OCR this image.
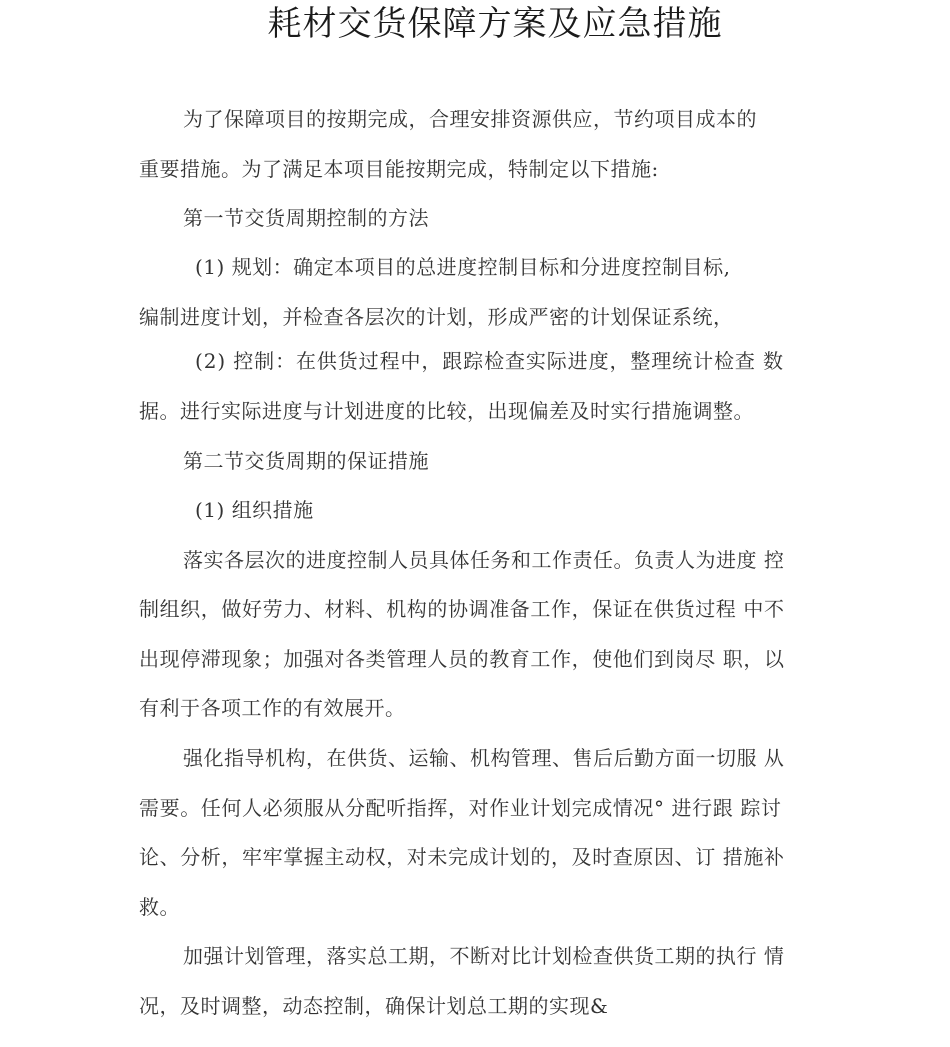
耗材交货保障方案及应急措施
为了保障项目的按期完成，合理安排资源供应，节约项目成本的
重要措施。为了满足本项目能按期完成，特制定以下措施:
第一节交货周期控制的方法
(1) 规划：确定本项目的总进度控制目标和分进度控制目标,
编制进度计划，并检查各层次的计划，形成严密的计划保证系统，
(2) 控制：在供货过程中，跟踪检查实际进度，整理统计检查 数
据。进行实际进度与计划进度的比较，出现偏差及时实行措施调整。
第二节交货周期的保证措施
(1) 组织措施
落实各层次的进度控制人员具体任务和工作责任。负责人为进度 控
制组织，做好劳力、材料、机构的协调准备工作，保证在供货过程 中不
出现停滞现象；加强对各类管理人员的教育工作，使他们到岗尽 职，以
有利于各项工作的有效展开。
强化指导机构，在供货、运输、机构管理、售后后勤方面一切服 从
需要。任何人必须服从分配听指挥，对作业计划完成情况° 进行跟 踪讨
论、分析，牢牢掌握主动权，对未完成计划的，及时查原因、订 措施补
救。
加强计划管理，落实总工期，不断对比计划检查供货工期的执行 情
况，及时调整，动态控制，确保计划总工期的实现&
